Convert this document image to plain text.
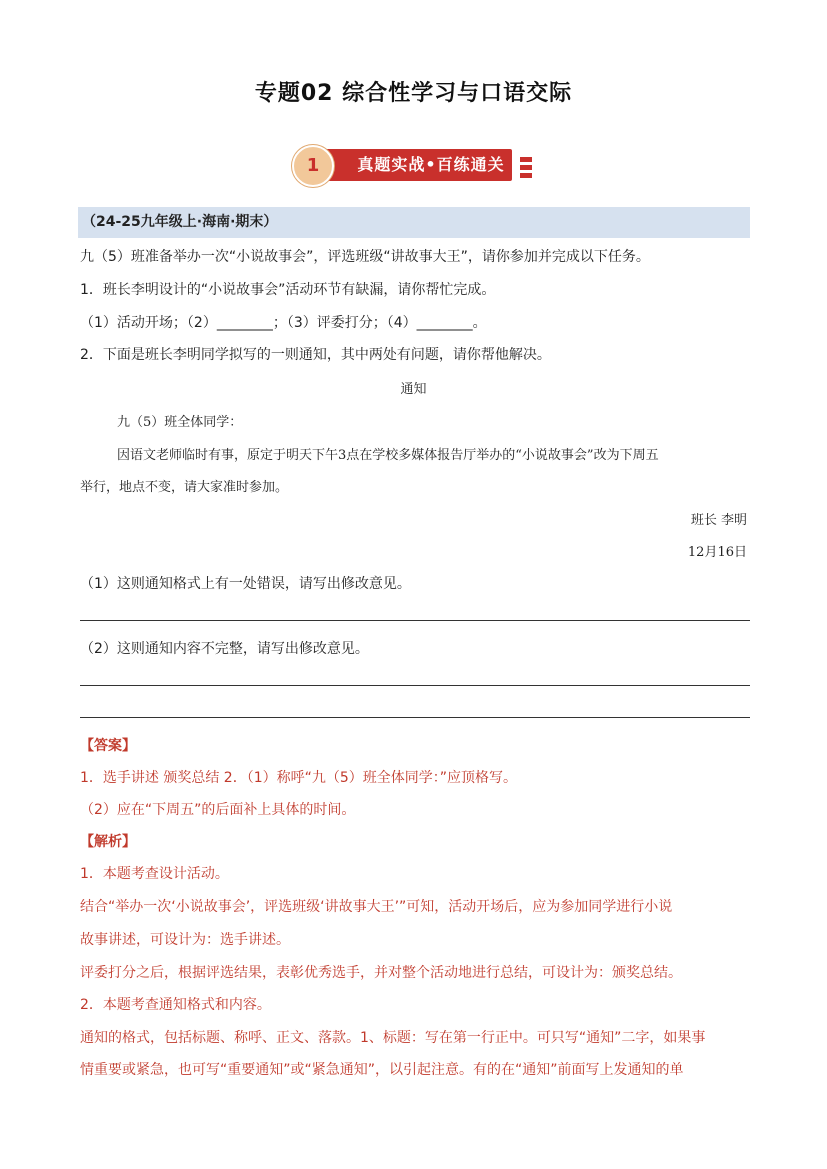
专题02 综合性学习与口语交际
真题实战•百练通关
1
（24-25九年级上·海南·期末）
九（5）班准备举办一次“小说故事会”，评选班级“讲故事大王”，请你参加并完成以下任务。
1．班长李明设计的“小说故事会”活动环节有缺漏，请你帮忙完成。
（1）活动开场；（2）________；（3）评委打分；（4）________。
2．下面是班长李明同学拟写的一则通知，其中两处有问题，请你帮他解决。
通知
九（5）班全体同学：
因语文老师临时有事，原定于明天下午3点在学校多媒体报告厅举办的“小说故事会”改为下周五
举行，地点不变，请大家准时参加。
班长 李明
12月16日
（1）这则通知格式上有一处错误，请写出修改意见。
（2）这则通知内容不完整，请写出修改意见。
【答案】
1．选手讲述 颁奖总结 2．（1）称呼“九（5）班全体同学：”应顶格写。
（2）应在“下周五”的后面补上具体的时间。
【解析】
1．本题考查设计活动。
结合“举办一次‘小说故事会’，评选班级‘讲故事大王’”可知，活动开场后，应为参加同学进行小说
故事讲述，可设计为：选手讲述。
评委打分之后，根据评选结果，表彰优秀选手，并对整个活动地进行总结，可设计为：颁奖总结。
2．本题考查通知格式和内容。
通知的格式，包括标题、称呼、正文、落款。1、标题：写在第一行正中。可只写“通知”二字，如果事
情重要或紧急，也可写“重要通知”或“紧急通知”，以引起注意。有的在“通知”前面写上发通知的单
